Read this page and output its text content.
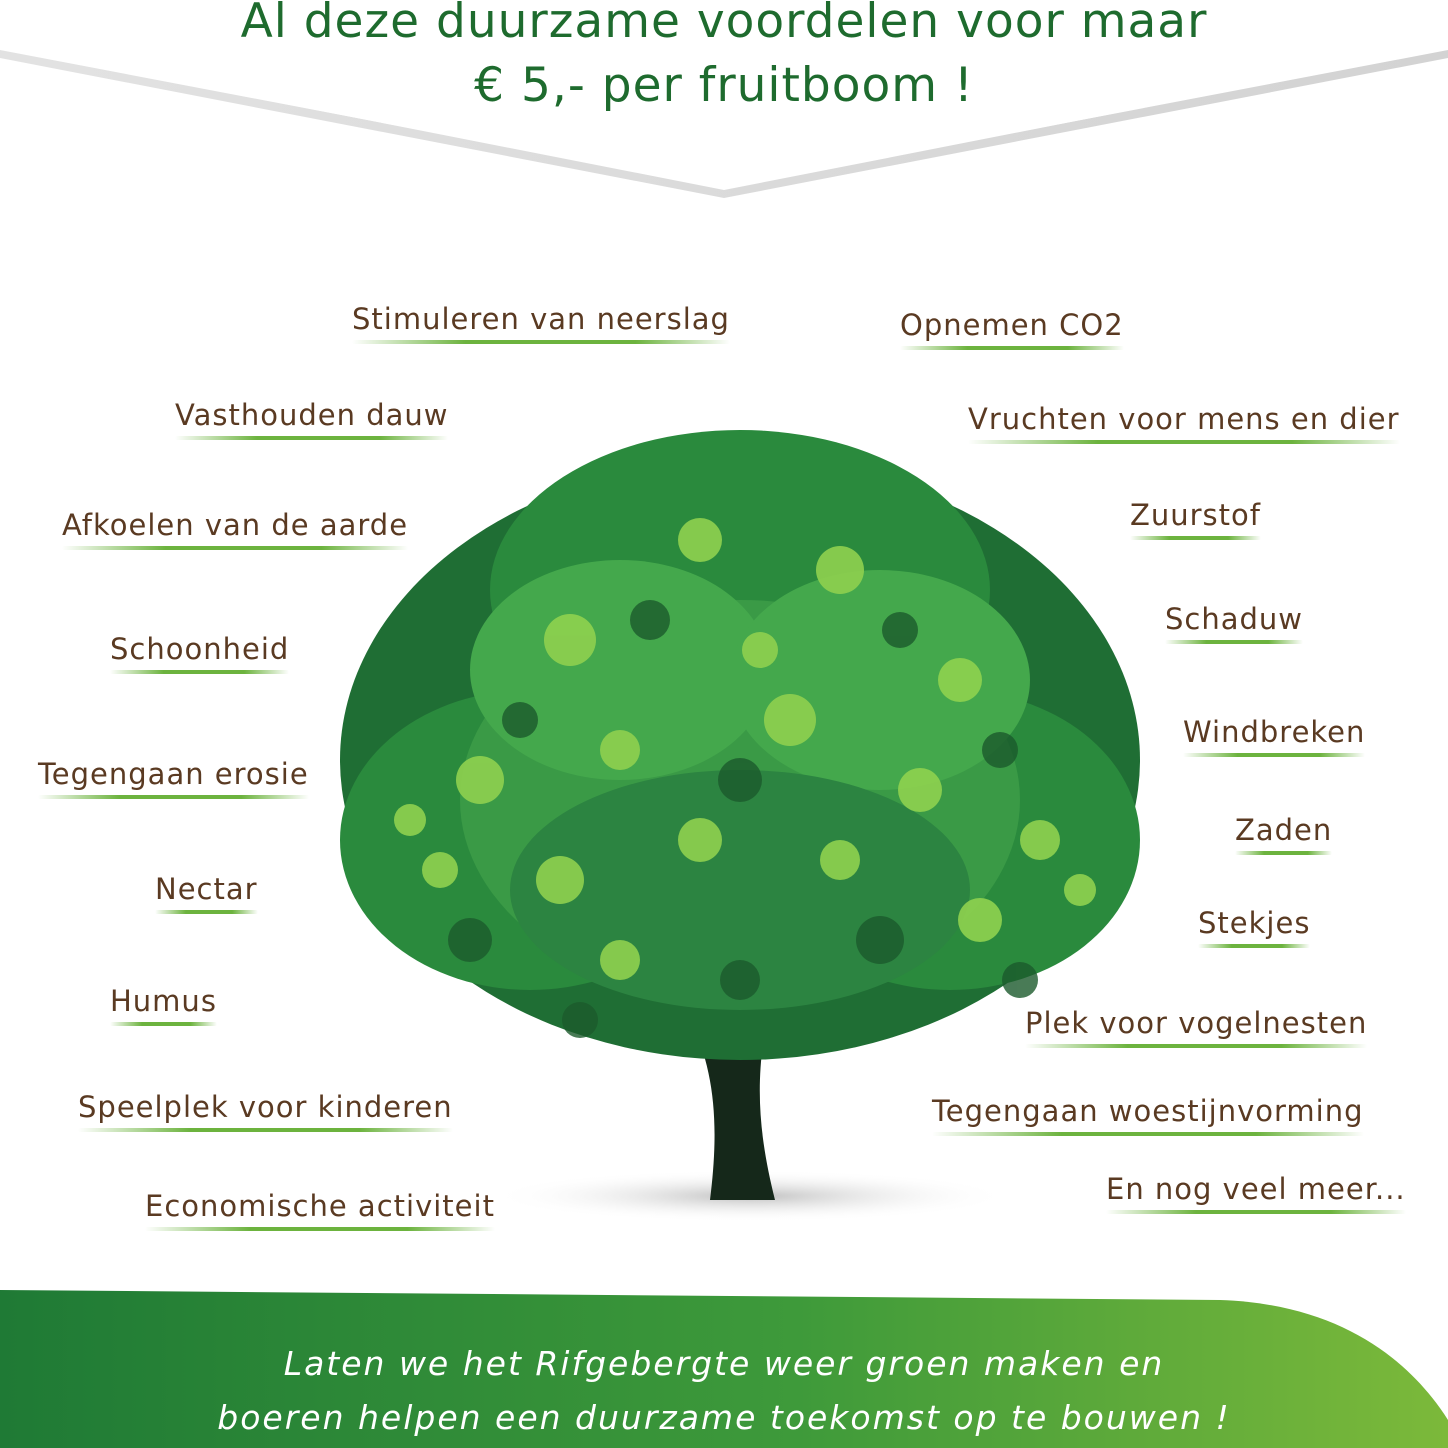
Al deze duurzame voordelen voor maar
€ 5,- per fruitboom !
Stimuleren van neerslag
Vasthouden dauw
Afkoelen van de aarde
Schoonheid
Tegengaan erosie
Nectar
Humus
Speelplek voor kinderen
Economische activiteit
Opnemen CO2
Vruchten voor mens en dier
Zuurstof
Schaduw
Windbreken
Zaden
Stekjes
Plek voor vogelnesten
Tegengaan woestijnvorming
En nog veel meer...
Laten we het Rifgebergte weer groen maken en
boeren helpen een duurzame toekomst op te bouwen !
